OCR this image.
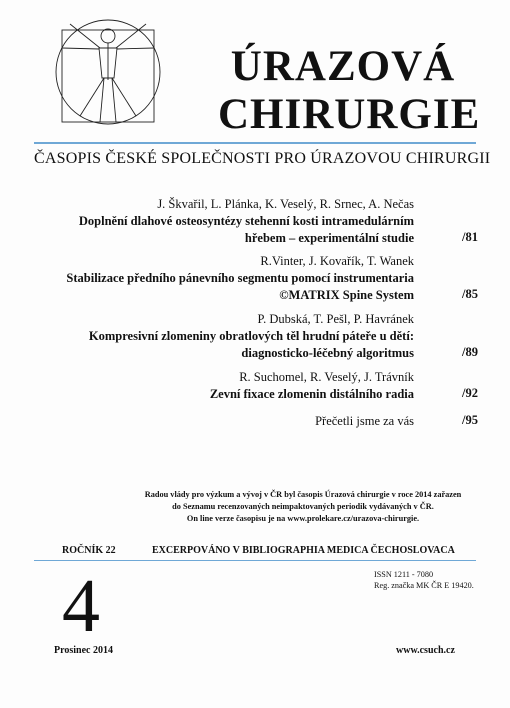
ÚRAZOVÁ
CHIRURGIE
ČASOPIS ČESKÉ SPOLEČNOSTI PRO ÚRAZOVOU CHIRURGII
J. Škvařil, L. Plánka, K. Veselý, R. Srnec, A. Nečas
Doplnění dlahové osteosyntézy stehenní kosti intramedulárním
hřebem – experimentální studie	/81
R.Vinter, J. Kovařík, T. Wanek
Stabilizace předního pánevního segmentu pomocí instrumentaria
©MATRIX Spine System	/85
P. Dubská, T. Pešl, P. Havránek
Kompresivní zlomeniny obratlových těl hrudní páteře u dětí:
diagnosticko-léčebný algoritmus	/89
R. Suchomel, R. Veselý, J. Trávník
Zevní fixace zlomenin distálního radia	/92
Přečetli jsme za vás	/95
Radou vlády pro výzkum a vývoj v ČR byl časopis Úrazová chirurgie v roce 2014 zařazen
do Seznamu recenzovaných neimpaktovaných periodik vydávaných v ČR.
On line verze časopisu je na www.prolekare.cz/urazova-chirurgie.
ROČNÍK 22	EXCERPOVÁNO V BIBLIOGRAPHIA MEDICA ČECHOSLOVACA
ISSN 1211 - 7080
Reg. značka MK ČR E 19420.
4
Prosinec 2014	www.csuch.cz
